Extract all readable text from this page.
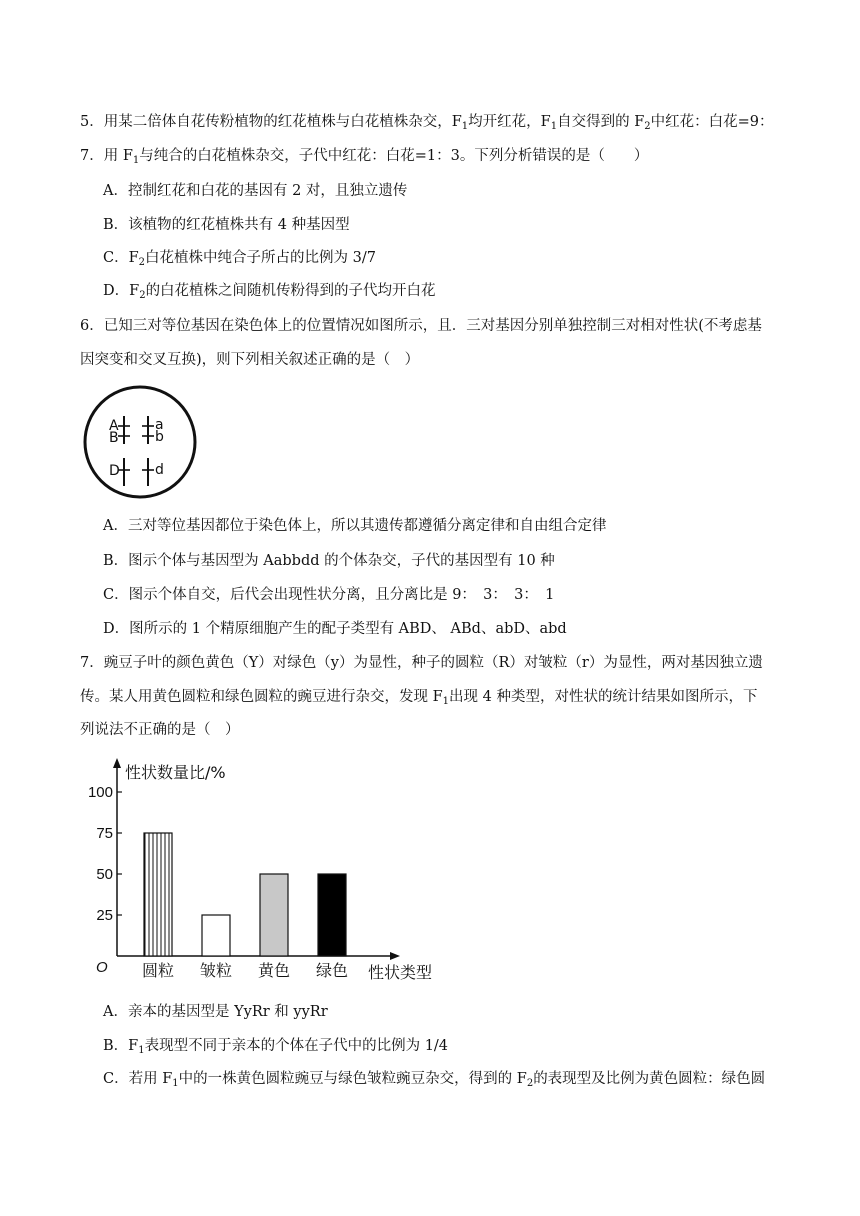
5．用某二倍体自花传粉植物的红花植株与白花植株杂交，$F_1$均开红花，$F_1$自交得到的 $F_2$中红花：白花=9：
7．用 $F_1$与纯合的白花植株杂交，子代中红花：白花=1：3。下列分析错误的是（　　）
A．控制红花和白花的基因有 2 对，且独立遗传
B．该植物的红花植株共有 4 种基因型
C．$F_2$白花植株中纯合子所占的比例为 3/7
D．$F_2$的白花植株之间随机传粉得到的子代均开白花
6．已知三对等位基因在染色体上的位置情况如图所示，且．三对基因分别单独控制三对相对性状(不考虑基
因突变和交叉互换)，则下列相关叙述正确的是（　）
A
B
a
b
D	d
A．三对等位基因都位于染色体上，所以其遗传都遵循分离定律和自由组合定律
B．图示个体与基因型为 Aabbdd 的个体杂交，子代的基因型有 10 种
C．图示个体自交，后代会出现性状分离，且分离比是 9：　3：　3：　1
D．图所示的 1 个精原细胞产生的配子类型有 ABD、 ABd、abD、abd
7．豌豆子叶的颜色黄色（Y）对绿色（y）为显性，种子的圆粒（R）对皱粒（r）为显性，两对基因独立遗
传。某人用黄色圆粒和绿色圆粒的豌豆进行杂交，发现 $F_1$出现 4 种类型，对性状的统计结果如图所示，下
列说法不正确的是（　）
性状数量比/%
性状类型
O
100
75
50
25
圆粒 皱粒 黄色 绿色
A．亲本的基因型是 YyRr 和 yyRr
B．$F_1$表现型不同于亲本的个体在子代中的比例为 1/4
C．若用 $F_1$中的一株黄色圆粒豌豆与绿色皱粒豌豆杂交，得到的 $F_2$的表现型及比例为黄色圆粒：绿色圆
